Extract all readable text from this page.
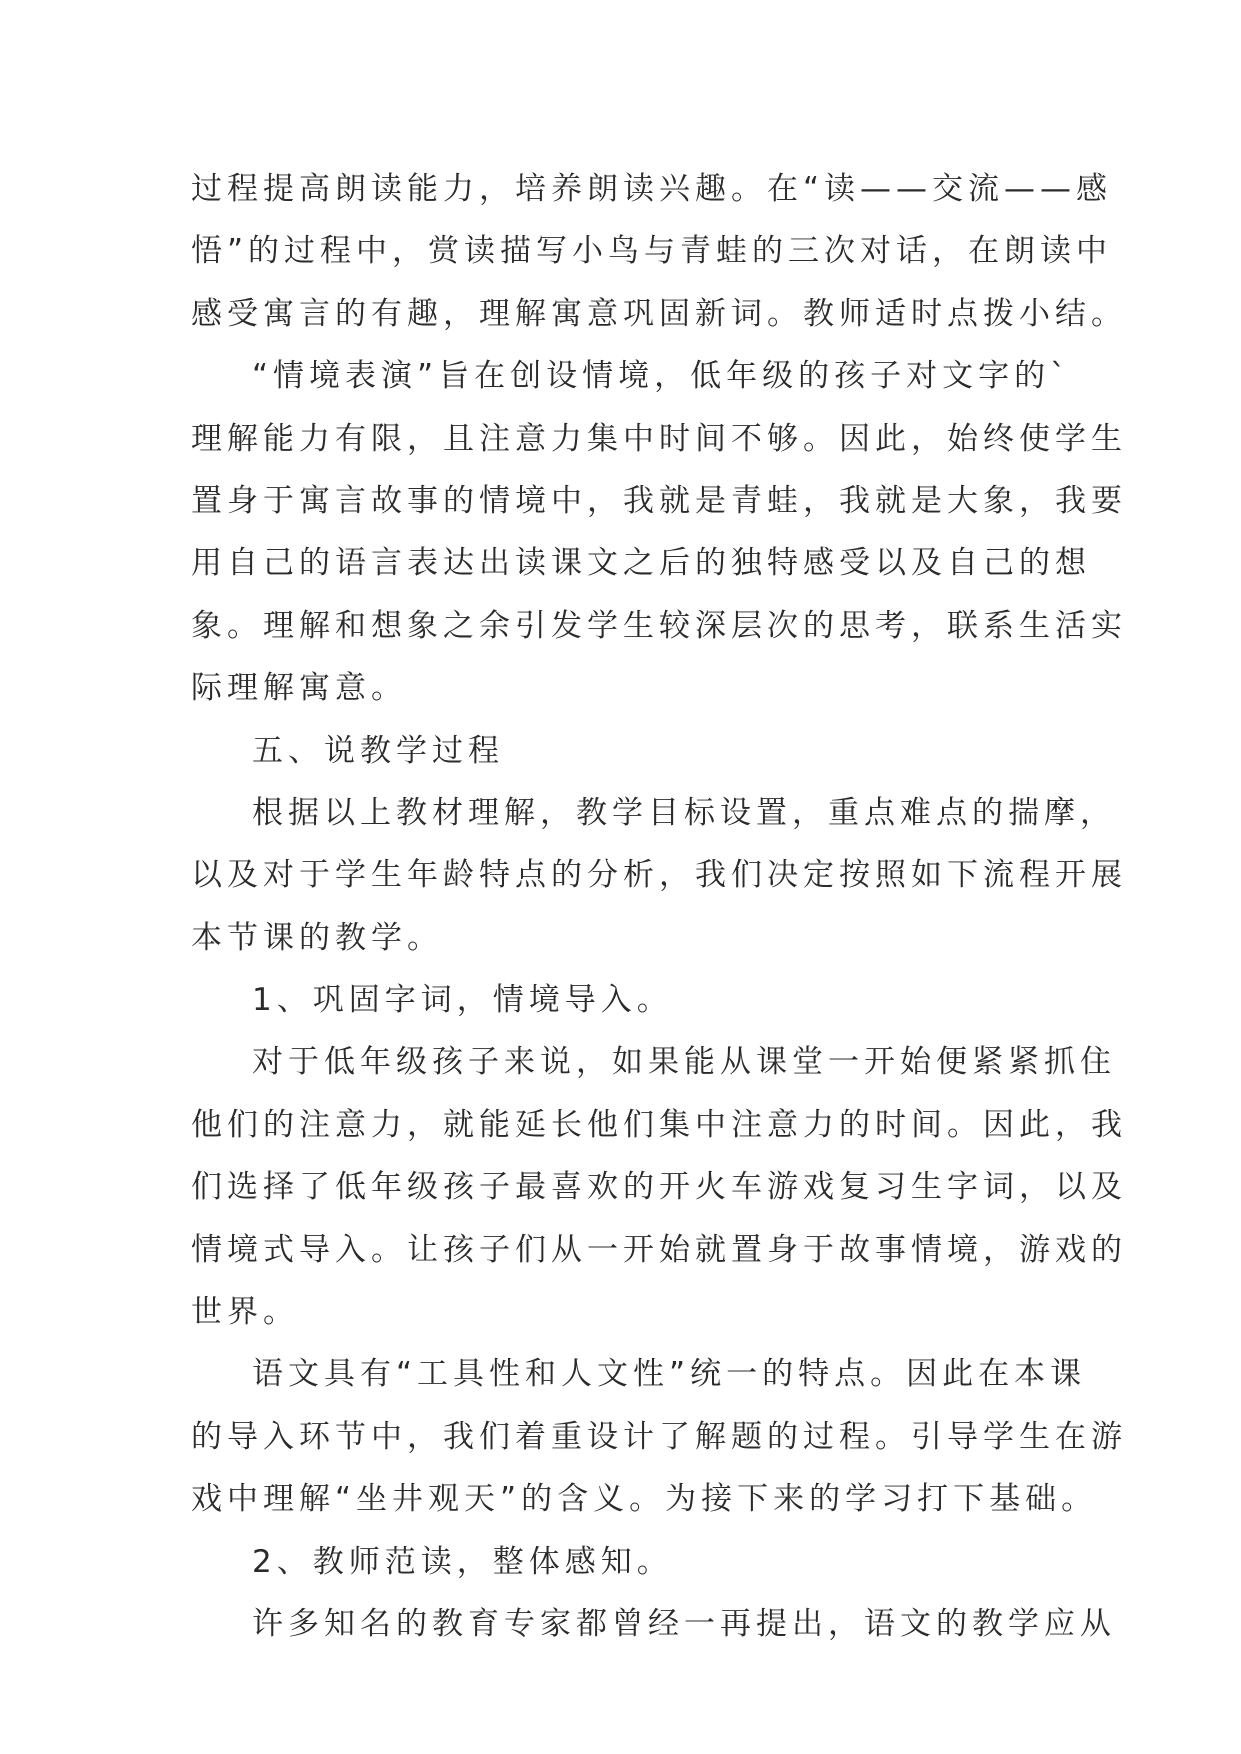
过程提高朗读能力，培养朗读兴趣。在“读——交流——感
悟”的过程中，赏读描写小鸟与青蛙的三次对话，在朗读中
感受寓言的有趣，理解寓意巩固新词。教师适时点拨小结。
“情境表演”旨在创设情境，低年级的孩子对文字的`
理解能力有限，且注意力集中时间不够。因此，始终使学生
置身于寓言故事的情境中，我就是青蛙，我就是大象，我要
用自己的语言表达出读课文之后的独特感受以及自己的想
象。理解和想象之余引发学生较深层次的思考，联系生活实
际理解寓意。
五、说教学过程
根据以上教材理解，教学目标设置，重点难点的揣摩，
以及对于学生年龄特点的分析，我们决定按照如下流程开展
本节课的教学。
1、巩固字词，情境导入。
对于低年级孩子来说，如果能从课堂一开始便紧紧抓住
他们的注意力，就能延长他们集中注意力的时间。因此，我
们选择了低年级孩子最喜欢的开火车游戏复习生字词，以及
情境式导入。让孩子们从一开始就置身于故事情境，游戏的
世界。
语文具有“工具性和人文性”统一的特点。因此在本课
的导入环节中，我们着重设计了解题的过程。引导学生在游
戏中理解“坐井观天”的含义。为接下来的学习打下基础。
2、教师范读，整体感知。
许多知名的教育专家都曾经一再提出，语文的教学应从
